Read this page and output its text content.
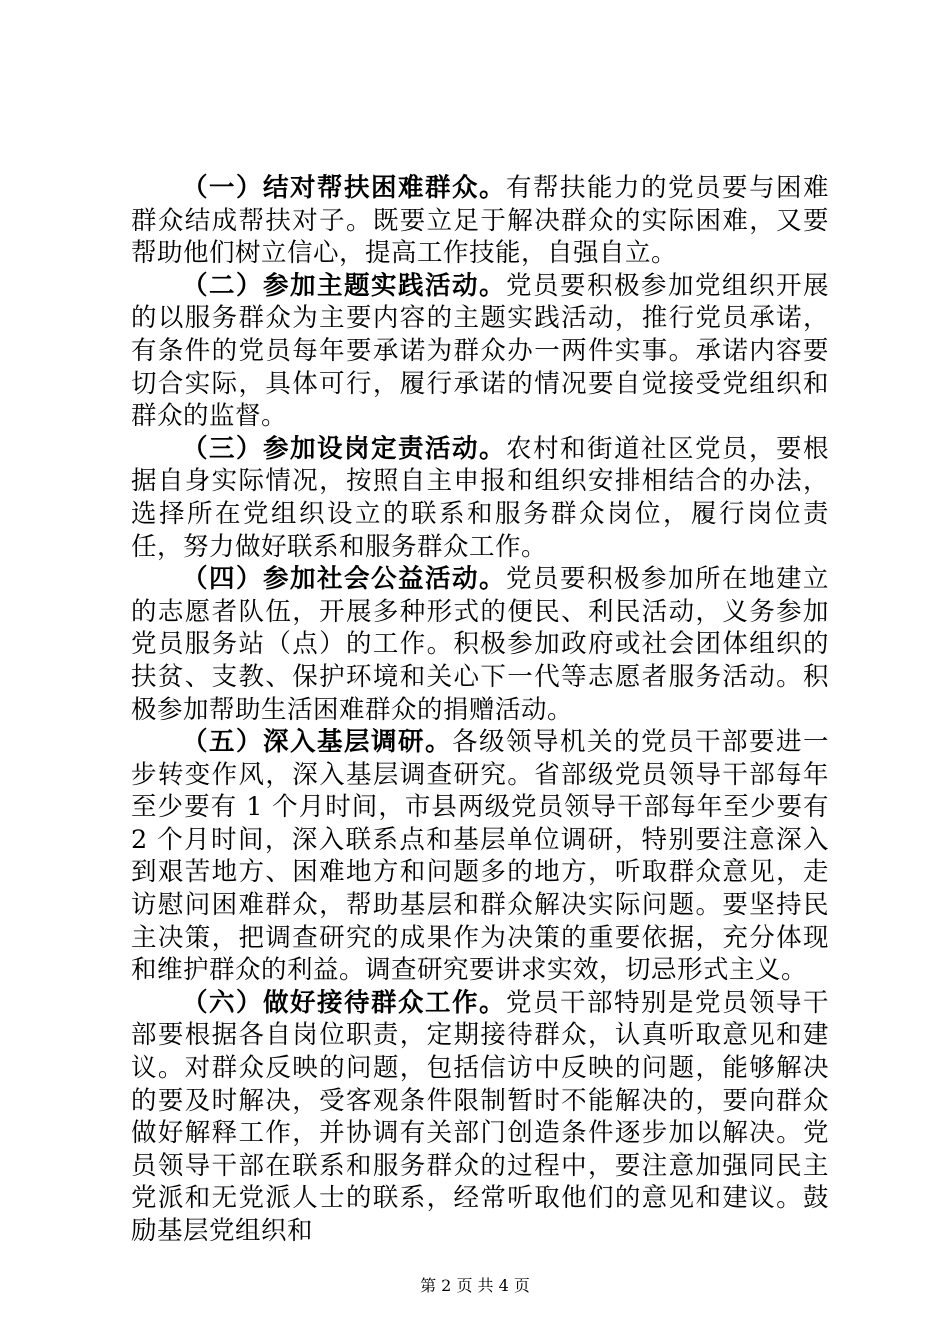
（一）结对帮扶困难群众。有帮扶能力的党员要与困难群众结成帮扶对子。既要立足于解决群众的实际困难，又要帮助他们树立信心，提高工作技能，自强自立。

（二）参加主题实践活动。党员要积极参加党组织开展的以服务群众为主要内容的主题实践活动，推行党员承诺，有条件的党员每年要承诺为群众办一两件实事。承诺内容要切合实际，具体可行，履行承诺的情况要自觉接受党组织和群众的监督。

（三）参加设岗定责活动。农村和街道社区党员，要根据自身实际情况，按照自主申报和组织安排相结合的办法，选择所在党组织设立的联系和服务群众岗位，履行岗位责任，努力做好联系和服务群众工作。

（四）参加社会公益活动。党员要积极参加所在地建立的志愿者队伍，开展多种形式的便民、利民活动，义务参加党员服务站（点）的工作。积极参加政府或社会团体组织的扶贫、支教、保护环境和关心下一代等志愿者服务活动。积极参加帮助生活困难群众的捐赠活动。

（五）深入基层调研。各级领导机关的党员干部要进一步转变作风，深入基层调查研究。省部级党员领导干部每年至少要有 1 个月时间，市县两级党员领导干部每年至少要有 2 个月时间，深入联系点和基层单位调研，特别要注意深入到艰苦地方、困难地方和问题多的地方，听取群众意见，走访慰问困难群众，帮助基层和群众解决实际问题。要坚持民主决策，把调查研究的成果作为决策的重要依据，充分体现和维护群众的利益。调查研究要讲求实效，切忌形式主义。

（六）做好接待群众工作。党员干部特别是党员领导干部要根据各自岗位职责，定期接待群众，认真听取意见和建议。对群众反映的问题，包括信访中反映的问题，能够解决的要及时解决，受客观条件限制暂时不能解决的，要向群众做好解释工作，并协调有关部门创造条件逐步加以解决。党员领导干部在联系和服务群众的过程中，要注意加强同民主党派和无党派人士的联系，经常听取他们的意见和建议。鼓励基层党组织和

第 2 页 共 4 页
